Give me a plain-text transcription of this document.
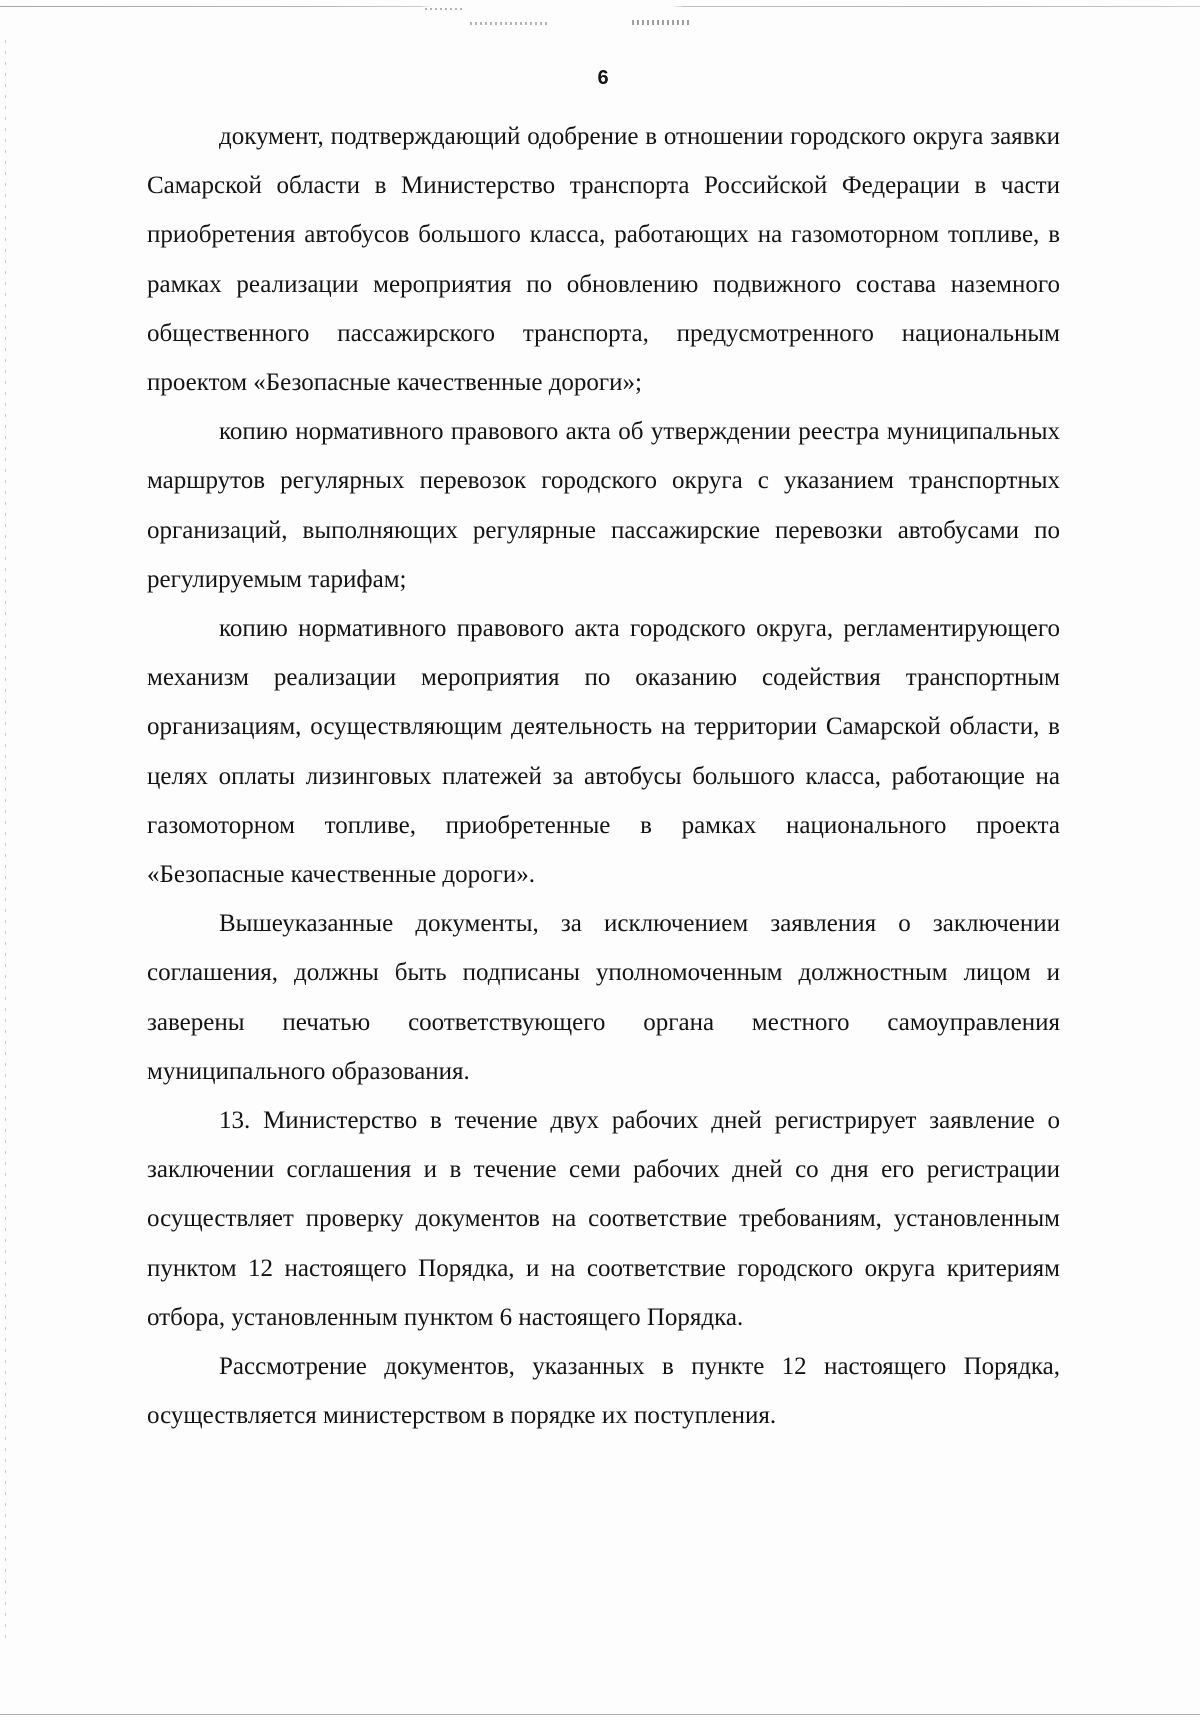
6

документ, подтверждающий одобрение в отношении городского округа заявки Самарской области в Министерство транспорта Российской Федерации в части приобретения автобусов большого класса, работающих на газомоторном топливе, в рамках реализации мероприятия по обновлению подвижного состава наземного общественного пассажирского транспорта, предусмотренного национальным проектом «Безопасные качественные дороги»;

копию нормативного правового акта об утверждении реестра муниципальных маршрутов регулярных перевозок городского округа с указанием транспортных организаций, выполняющих регулярные пассажирские перевозки автобусами по регулируемым тарифам;

копию нормативного правового акта городского округа, регламентирующего механизм реализации мероприятия по оказанию содействия транспортным организациям, осуществляющим деятельность на территории Самарской области, в целях оплаты лизинговых платежей за автобусы большого класса, работающие на газомоторном топливе, приобретенные в рамках национального проекта «Безопасные качественные дороги».

Вышеуказанные документы, за исключением заявления о заключении соглашения, должны быть подписаны уполномоченным должностным лицом и заверены печатью соответствующего органа местного самоуправления муниципального образования.

13. Министерство в течение двух рабочих дней регистрирует заявление о заключении соглашения и в течение семи рабочих дней со дня его регистрации осуществляет проверку документов на соответствие требованиям, установленным пунктом 12 настоящего Порядка, и на соответствие городского округа критериям отбора, установленным пунктом 6 настоящего Порядка.

Рассмотрение документов, указанных в пункте 12 настоящего Порядка, осуществляется министерством в порядке их поступления.
